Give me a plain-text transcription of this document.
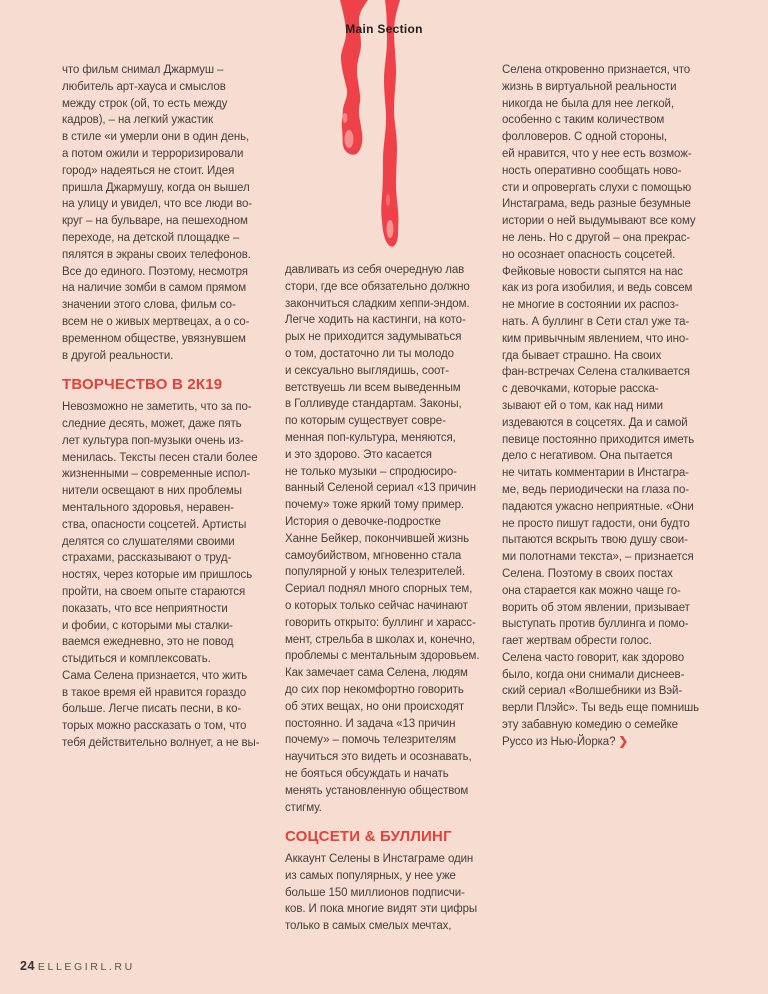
Main Section
что фильм снимал Джармуш –
любитель арт-хауса и смыслов
между строк (ой, то есть между
кадров), – на легкий ужастик
в стиле «и умерли они в один день,
а потом ожили и терроризировали
город» надеяться не стоит. Идея
пришла Джармушу, когда он вышел
на улицу и увидел, что все люди во-
круг – на бульваре, на пешеходном
переходе, на детской площадке –
пялятся в экраны своих телефонов.
Все до единого. Поэтому, несмотря
на наличие зомби в самом прямом
значении этого слова, фильм со-
всем не о живых мертвецах, а о со-
временном обществе, увязнувшем
в другой реальности.
ТВОРЧЕСТВО В 2К19
Невозможно не заметить, что за по-
следние десять, может, даже пять
лет культура поп-музыки очень из-
менилась. Тексты песен стали более
жизненными – современные испол-
нители освещают в них проблемы
ментального здоровья, неравен-
ства, опасности соцсетей. Артисты
делятся со слушателями своими
страхами, рассказывают о труд-
ностях, через которые им пришлось
пройти, на своем опыте стараются
показать, что все неприятности
и фобии, с которыми мы сталки-
ваемся ежедневно, это не повод
стыдиться и комплексовать.
Сама Селена признается, что жить
в такое время ей нравится гораздо
больше. Легче писать песни, в ко-
торых можно рассказать о том, что
тебя действительно волнует, а не вы-
давливать из себя очередную лав
стори, где все обязательно должно
закончиться сладким хеппи-эндом.
Легче ходить на кастинги, на кото-
рых не приходится задумываться
о том, достаточно ли ты молодо
и сексуально выглядишь, соот-
ветствуешь ли всем выведенным
в Голливуде стандартам. Законы,
по которым существует совре-
менная поп-культура, меняются,
и это здорово. Это касается
не только музыки – спродюсиро-
ванный Селеной сериал «13 причин
почему» тоже яркий тому пример.
История о девочке-подростке
Ханне Бейкер, покончившей жизнь
самоубийством, мгновенно стала
популярной у юных телезрителей.
Сериал поднял много спорных тем,
о которых только сейчас начинают
говорить открыто: буллинг и харасс-
мент, стрельба в школах и, конечно,
проблемы с ментальным здоровьем.
Как замечает сама Селена, людям
до сих пор некомфортно говорить
об этих вещах, но они происходят
постоянно. И задача «13 причин
почему» – помочь телезрителям
научиться это видеть и осознавать,
не бояться обсуждать и начать
менять установленную обществом
стигму.
СОЦСЕТИ & БУЛЛИНГ
Аккаунт Селены в Инстаграме один
из самых популярных, у нее уже
больше 150 миллионов подписчи-
ков. И пока многие видят эти цифры
только в самых смелых мечтах,
Селена откровенно признается, что
жизнь в виртуальной реальности
никогда не была для нее легкой,
особенно с таким количеством
фолловеров. С одной стороны,
ей нравится, что у нее есть возмож-
ность оперативно сообщать ново-
сти и опровергать слухи с помощью
Инстаграма, ведь разные безумные
истории о ней выдумывают все кому
не лень. Но с другой – она прекрас-
но осознает опасность соцсетей.
Фейковые новости сыпятся на нас
как из рога изобилия, и ведь совсем
не многие в состоянии их распоз-
нать. А буллинг в Сети стал уже та-
ким привычным явлением, что ино-
гда бывает страшно. На своих
фан-встречах Селена сталкивается
с девочками, которые расска-
зывают ей о том, как над ними
издеваются в соцсетях. Да и самой
певице постоянно приходится иметь
дело с негативом. Она пытается
не читать комментарии в Инстагра-
ме, ведь периодически на глаза по-
падаются ужасно неприятные. «Они
не просто пишут гадости, они будто
пытаются вскрыть твою душу свои-
ми полотнами текста», – признается
Селена. Поэтому в своих постах
она старается как можно чаще го-
ворить об этом явлении, призывает
выступать против буллинга и помо-
гает жертвам обрести голос.
Селена часто говорит, как здорово
было, когда они снимали диснеев-
ский сериал «Волшебники из Вэй-
верли Плэйс». Ты ведь еще помнишь
эту забавную комедию о семейке
Руссо из Нью-Йорка? ❯
24 ELLEGIRL.RU
